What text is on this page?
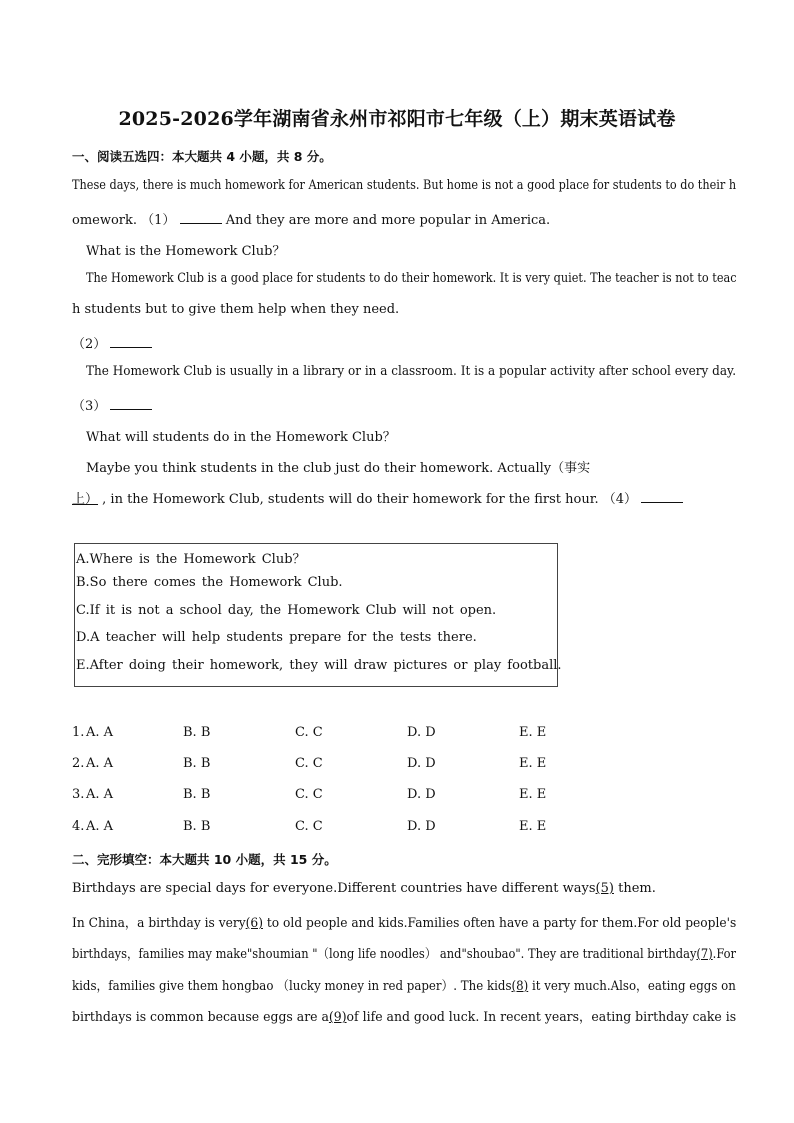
2025-2026学年湖南省永州市祁阳市七年级（上）期末英语试卷
一、阅读五选四：本大题共 4 小题，共 8 分。
These days, there is much homework for American students. But home is not a good place for students to do their h
omework. （1）	And they are more and more popular in America.
What is the Homework Club？
The Homework Club is a good place for students to do their homework. It is very quiet. The teacher is not to teac
h students but to give them help when they need.
（2）
The Homework Club is usually in a library or in a classroom. It is a popular activity after school every day.
（3）
What will students do in the Homework Club？
Maybe you think students in the club just do their homework. Actually（事实
上） , in the Homework Club, students will do their homework for the first hour. （4）
A.Where is the Homework Club？
B.So there comes the Homework Club.
C.If it is not a school day, the Homework Club will not open.
D.A teacher will help students prepare for the tests there.
E.After doing their homework, they will draw pictures or play football.
1. A. A	B. B	C. C	D. D	E. E
2. A. A	B. B	C. C	D. D	E. E
3. A. A	B. B	C. C	D. D	E. E
4. A. A	B. B	C. C	D. D	E. E
二、完形填空：本大题共 10 小题，共 15 分。
Birthdays are special days for everyone.Different countries have different ways(5) them.
In China，a birthday is very(6) to old people and kids.Families often have a party for them.For old people's
birthdays，families may make"shoumian "（long life noodles） and"shoubao". They are traditional birthday(7).For
kids，families give them hongbao （lucky money in red paper）. The kids(8) it very much.Also，eating eggs on
birthdays is common because eggs are a(9)of life and good luck. In recent years，eating birthday cake is
